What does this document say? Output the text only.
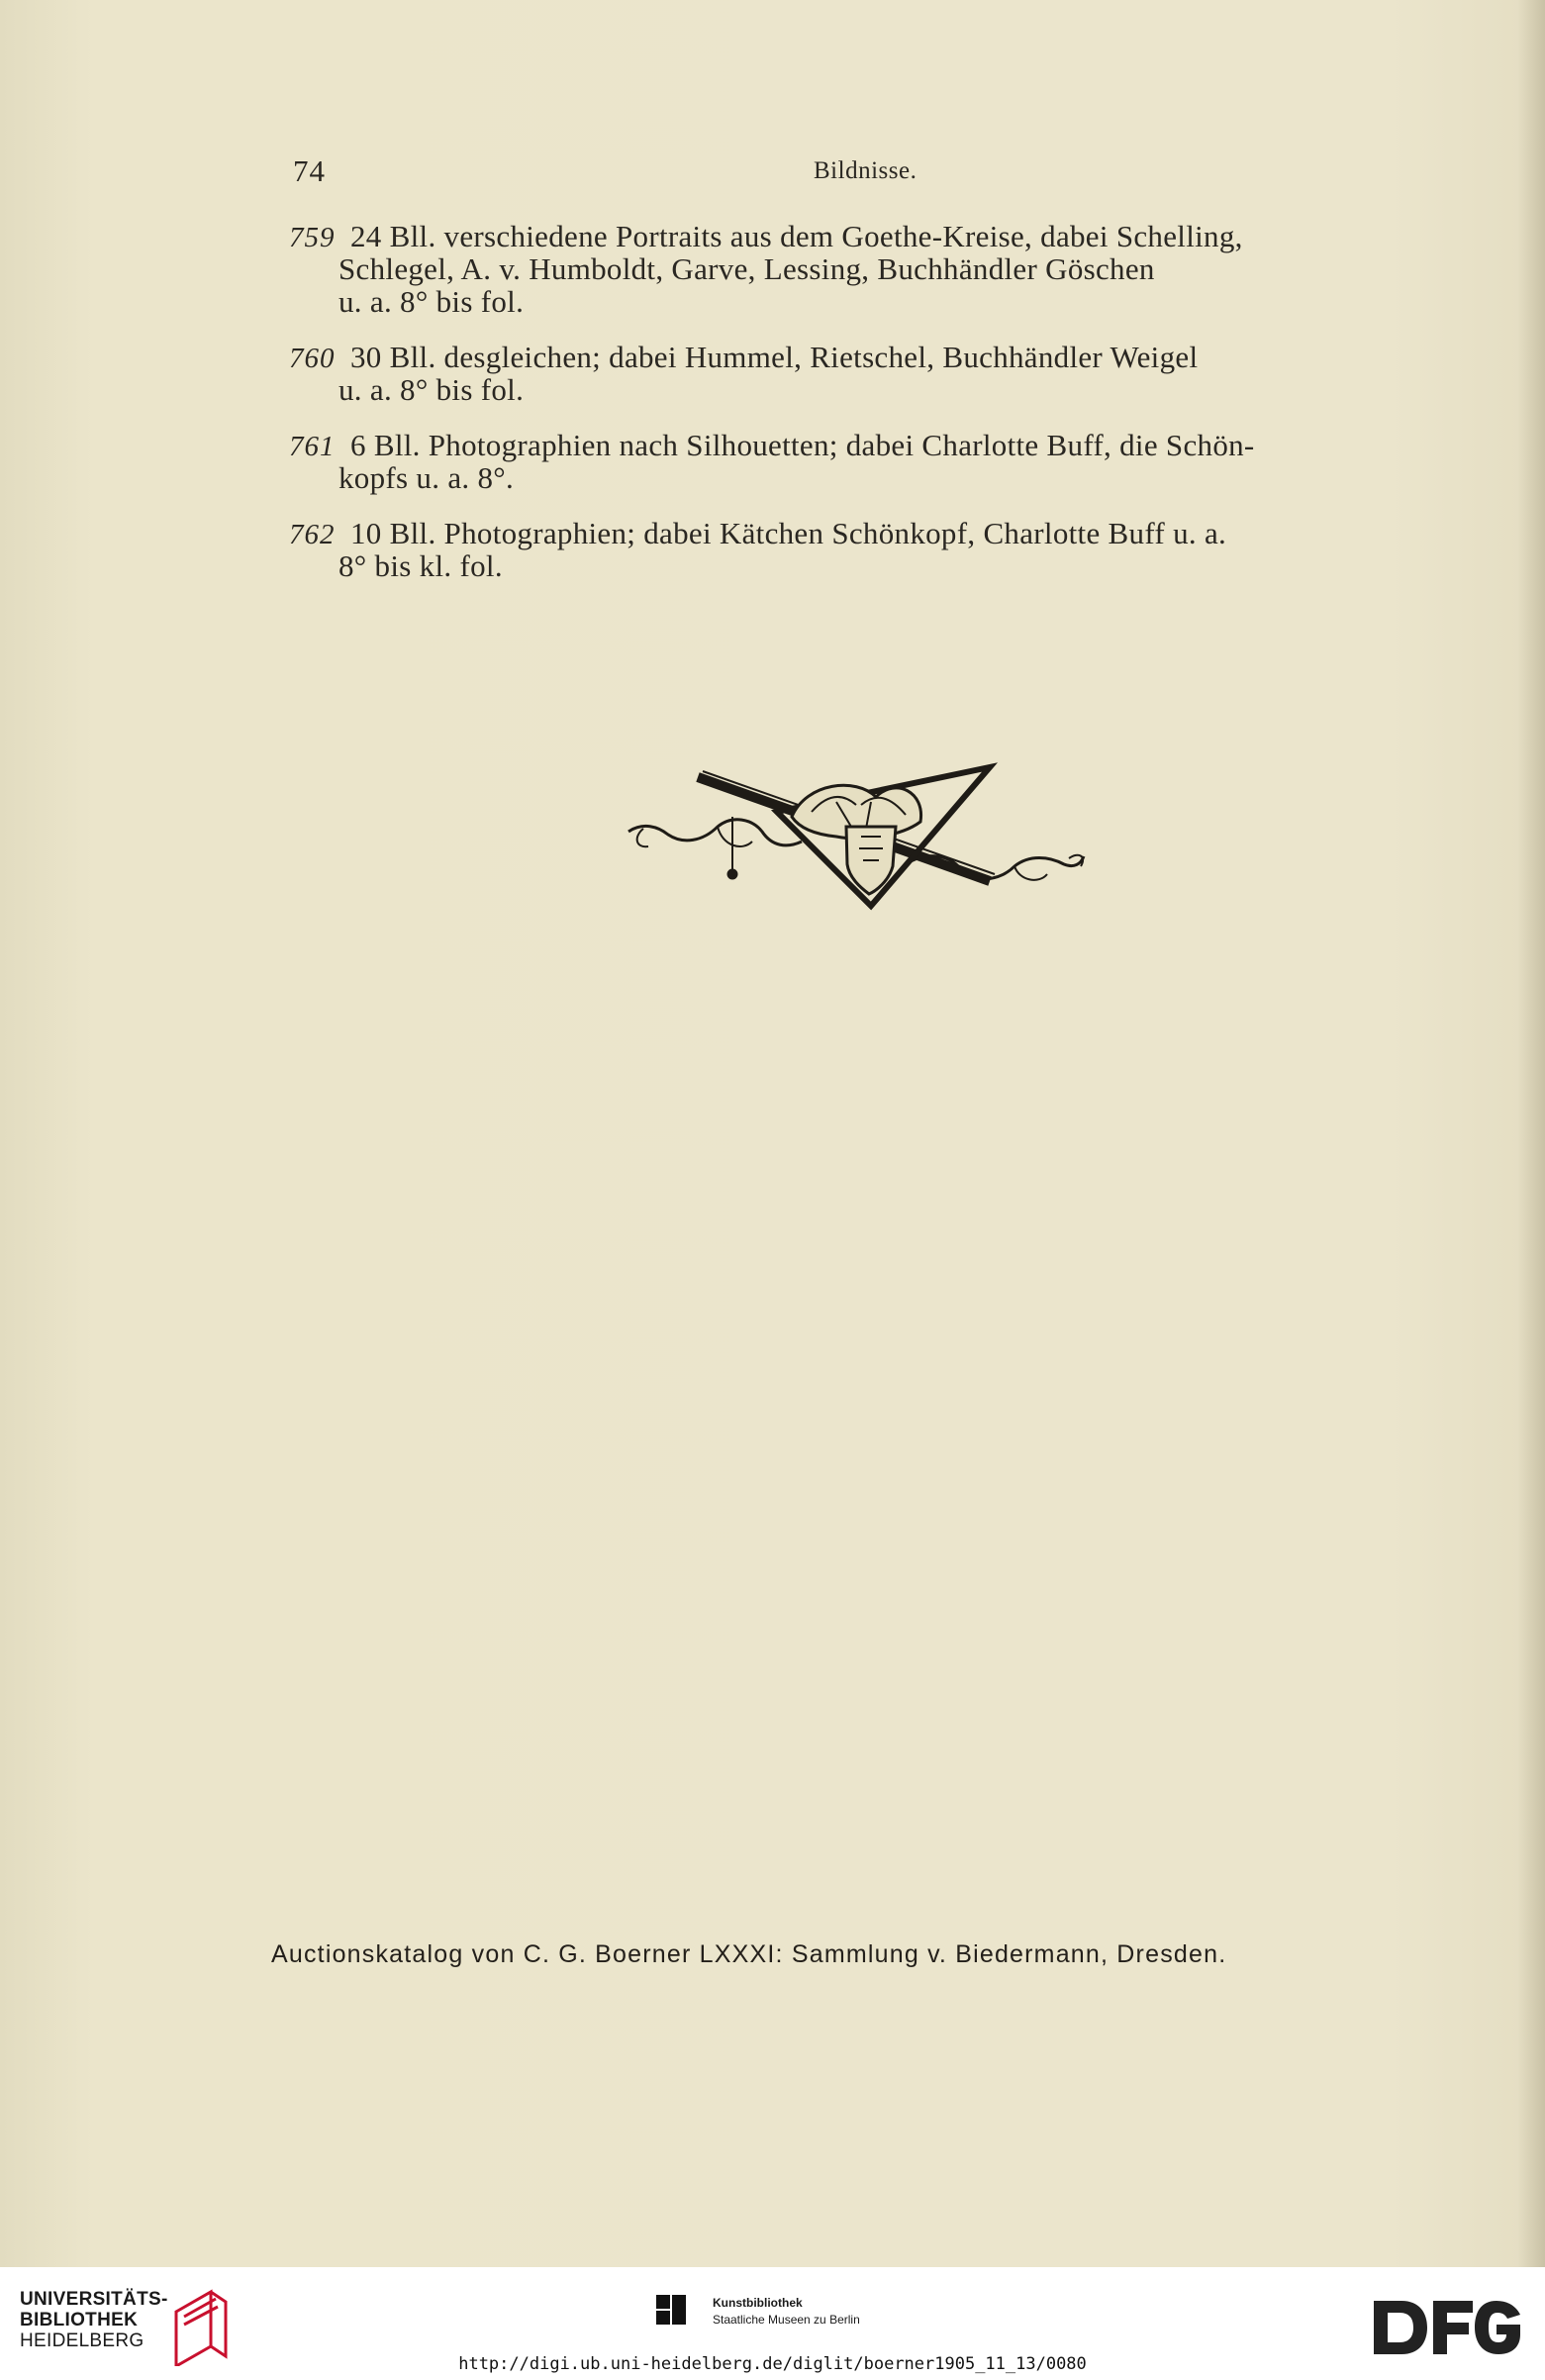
74	Bildnisse.
759 24 Bll. verschiedene Portraits aus dem Goethe-Kreise, dabei Schelling,
Schlegel, A. v. Humboldt, Garve, Lessing, Buchhändler Göschen
u. a. 8° bis fol.
760 30 Bll. desgleichen; dabei Hummel, Rietschel, Buchhändler Weigel
u. a. 8° bis fol.
761 6 Bll. Photographien nach Silhouetten; dabei Charlotte Buff, die Schön-
kopfs u. a. 8°.
762 10 Bll. Photographien; dabei Kätchen Schönkopf, Charlotte Buff u. a.
8° bis kl. fol.
Auctionskatalog von C. G. Boerner LXXXI: Sammlung v. Biedermann, Dresden.
UNIVERSITÄTS-
BIBLIOTHEK
HEIDELBERG
Kunstbibliothek
Staatliche Museen zu Berlin
http://digi.ub.uni-heidelberg.de/diglit/boerner1905_11_13/0080
